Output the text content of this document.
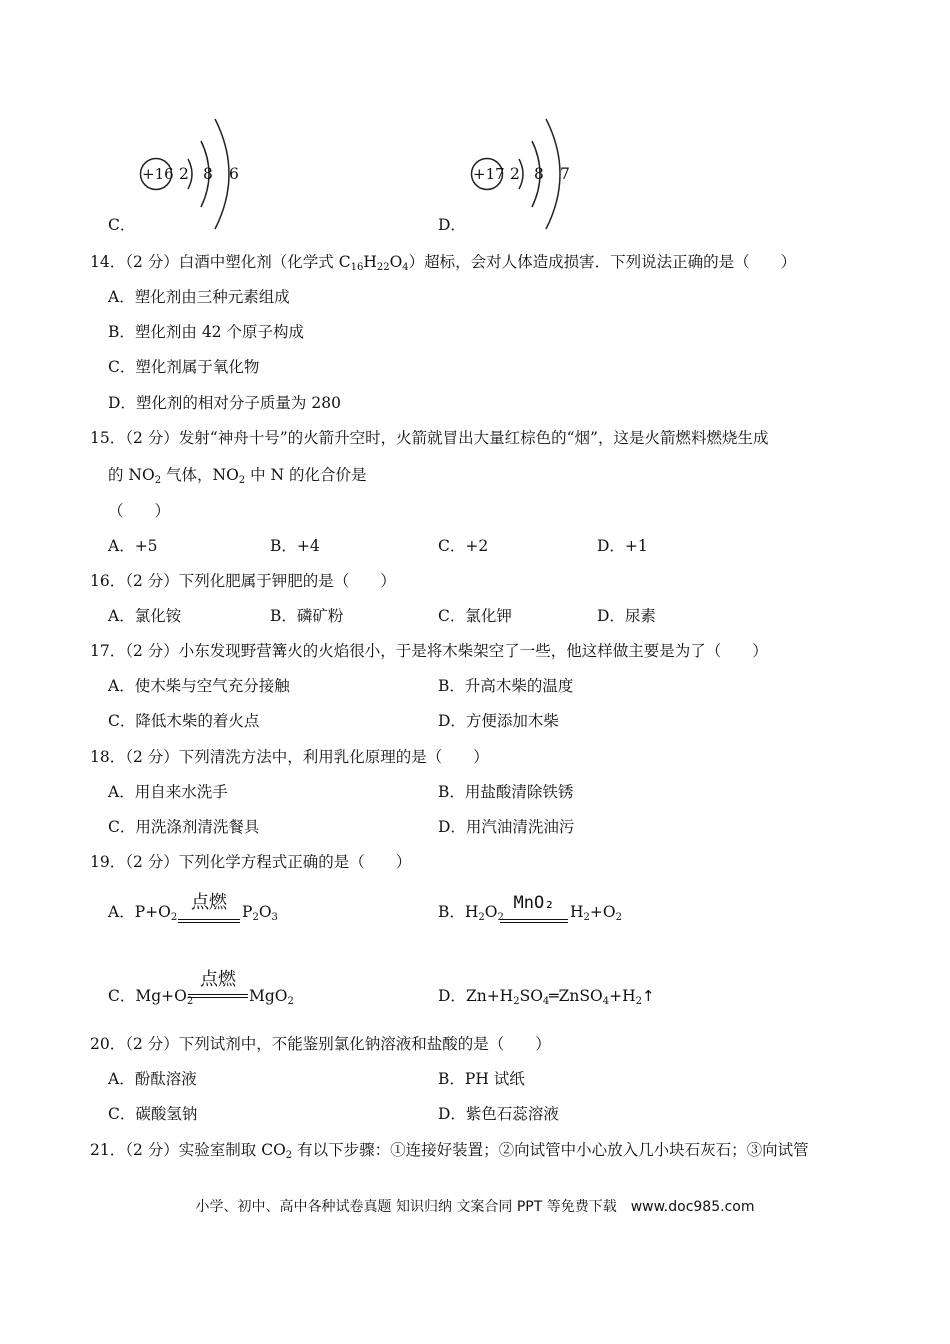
+16 2 8 6
C．
+17 2 8 7
D．
14．（2 分）白酒中塑化剂（化学式 $C_{16}H_{22}O_4$）超标，会对人体造成损害．下列说法正确的是（　　）
A．塑化剂由三种元素组成
B．塑化剂由 42 个原子构成
C．塑化剂属于氧化物
D．塑化剂的相对分子质量为 280
15．（2 分）发射“神舟十号”的火箭升空时，火箭就冒出大量红棕色的“烟”，这是火箭燃料燃烧生成
的 $NO_2$ 气体，$NO_2$ 中 N 的化合价是
（　　）
A．+5	B．+4	C．+2	D．+1
16．（2 分）下列化肥属于钾肥的是（　　）
A．氯化铵	B．磷矿粉	C．氯化钾	D．尿素
17．（2 分）小东发现野营篝火的火焰很小，于是将木柴架空了一些，他这样做主要是为了（　　）
A．使木柴与空气充分接触	B．升高木柴的温度
C．降低木柴的着火点	D．方便添加木柴
18．（2 分）下列清洗方法中，利用乳化原理的是（　　）
A．用自来水洗手	B．用盐酸清除铁锈
C．用洗涤剂清洗餐具	D．用汽油清洗油污
19．（2 分）下列化学方程式正确的是（　　）
A．$P+O_2$
点燃 $P_2O_3$	B．$H_2O_2$
MnO₂	$H_2+O_2$
C．$Mg+O_2$
点燃
MgO$_2$	D．$Zn+H_2SO_4═ZnSO_4+H_2↑$
20．（2 分）下列试剂中，不能鉴别氯化钠溶液和盐酸的是（　　）
A．酚酞溶液	B．PH 试纸
C．碳酸氢钠	D．紫色石蕊溶液
21．（2 分）实验室制取 $CO_2$ 有以下步骤：①连接好装置；②向试管中小心放入几小块石灰石；③向试管
小学、初中、高中各种试卷真题 知识归纳 文案合同 PPT 等免费下载　www.doc985.com
